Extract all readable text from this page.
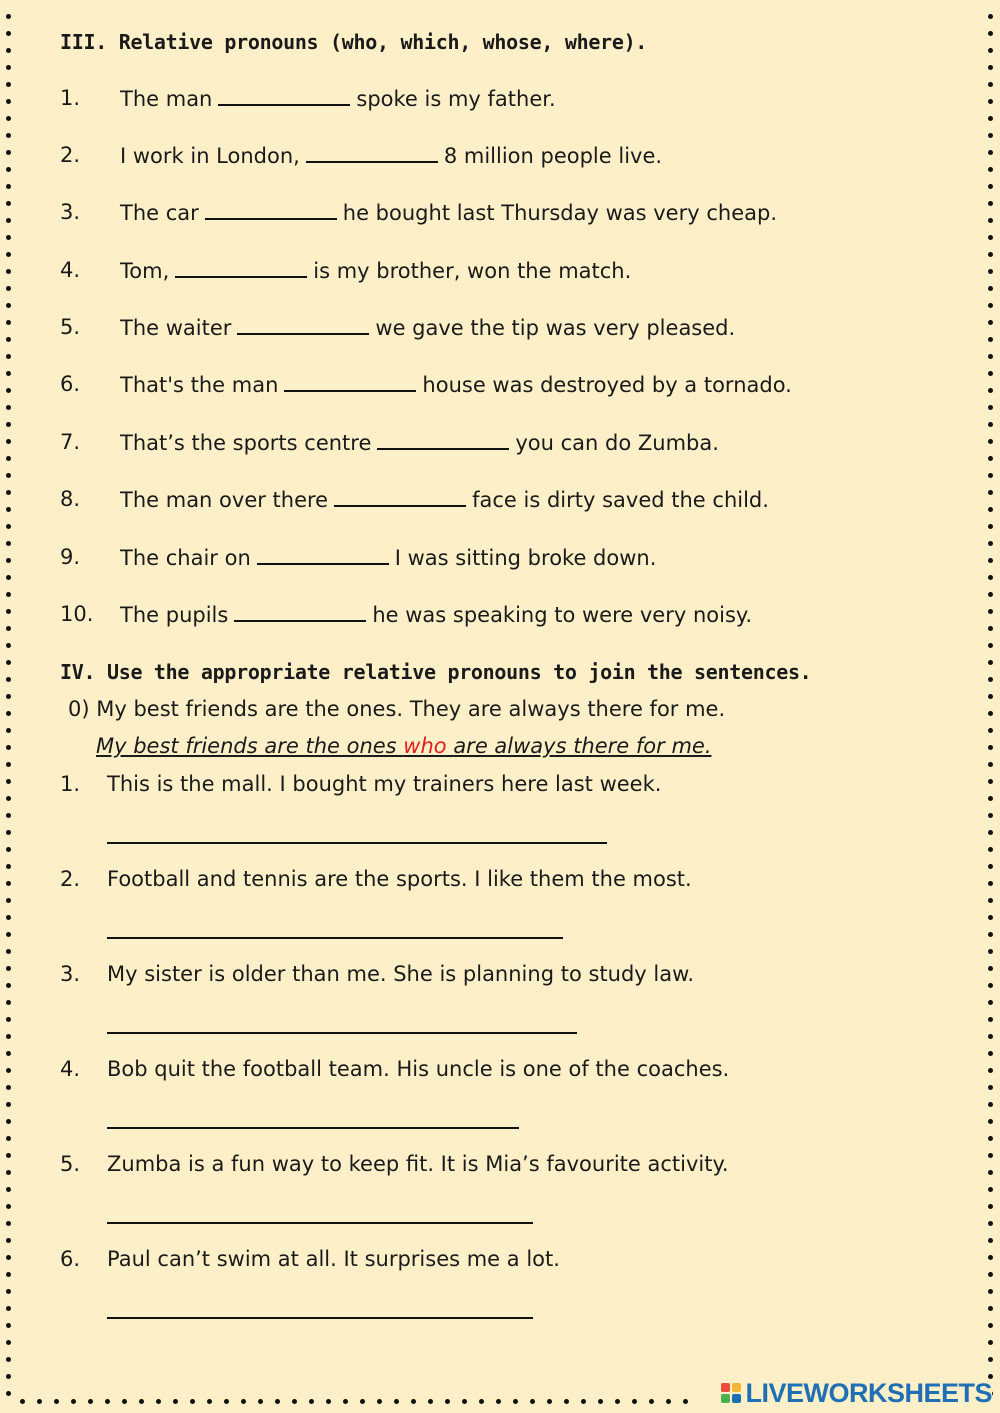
III. Relative pronouns (who, which, whose, where).
1. The man	spoke is my father.
2. I work in London,	8 million people live.
3. The car	he bought last Thursday was very cheap.
4. Tom,	is my brother, won the match.
5. The waiter	we gave the tip was very pleased.
6. That's the man	house was destroyed by a tornado.
7. That’s the sports centre	you can do Zumba.
8. The man over there	face is dirty saved the child.
9. The chair on	I was sitting broke down.
10. The pupils	he was speaking to were very noisy.
IV. Use the appropriate relative pronouns to join the sentences.
0) My best friends are the ones. They are always there for me.
My best friends are the ones who are always there for me.
1. This is the mall. I bought my trainers here last week.
2. Football and tennis are the sports. I like them the most.
3. My sister is older than me. She is planning to study law.
4. Bob quit the football team. His uncle is one of the coaches.
5. Zumba is a fun way to keep fit. It is Mia’s favourite activity.
6. Paul can’t swim at all. It surprises me a lot.
LIVEWORKSHEETS
